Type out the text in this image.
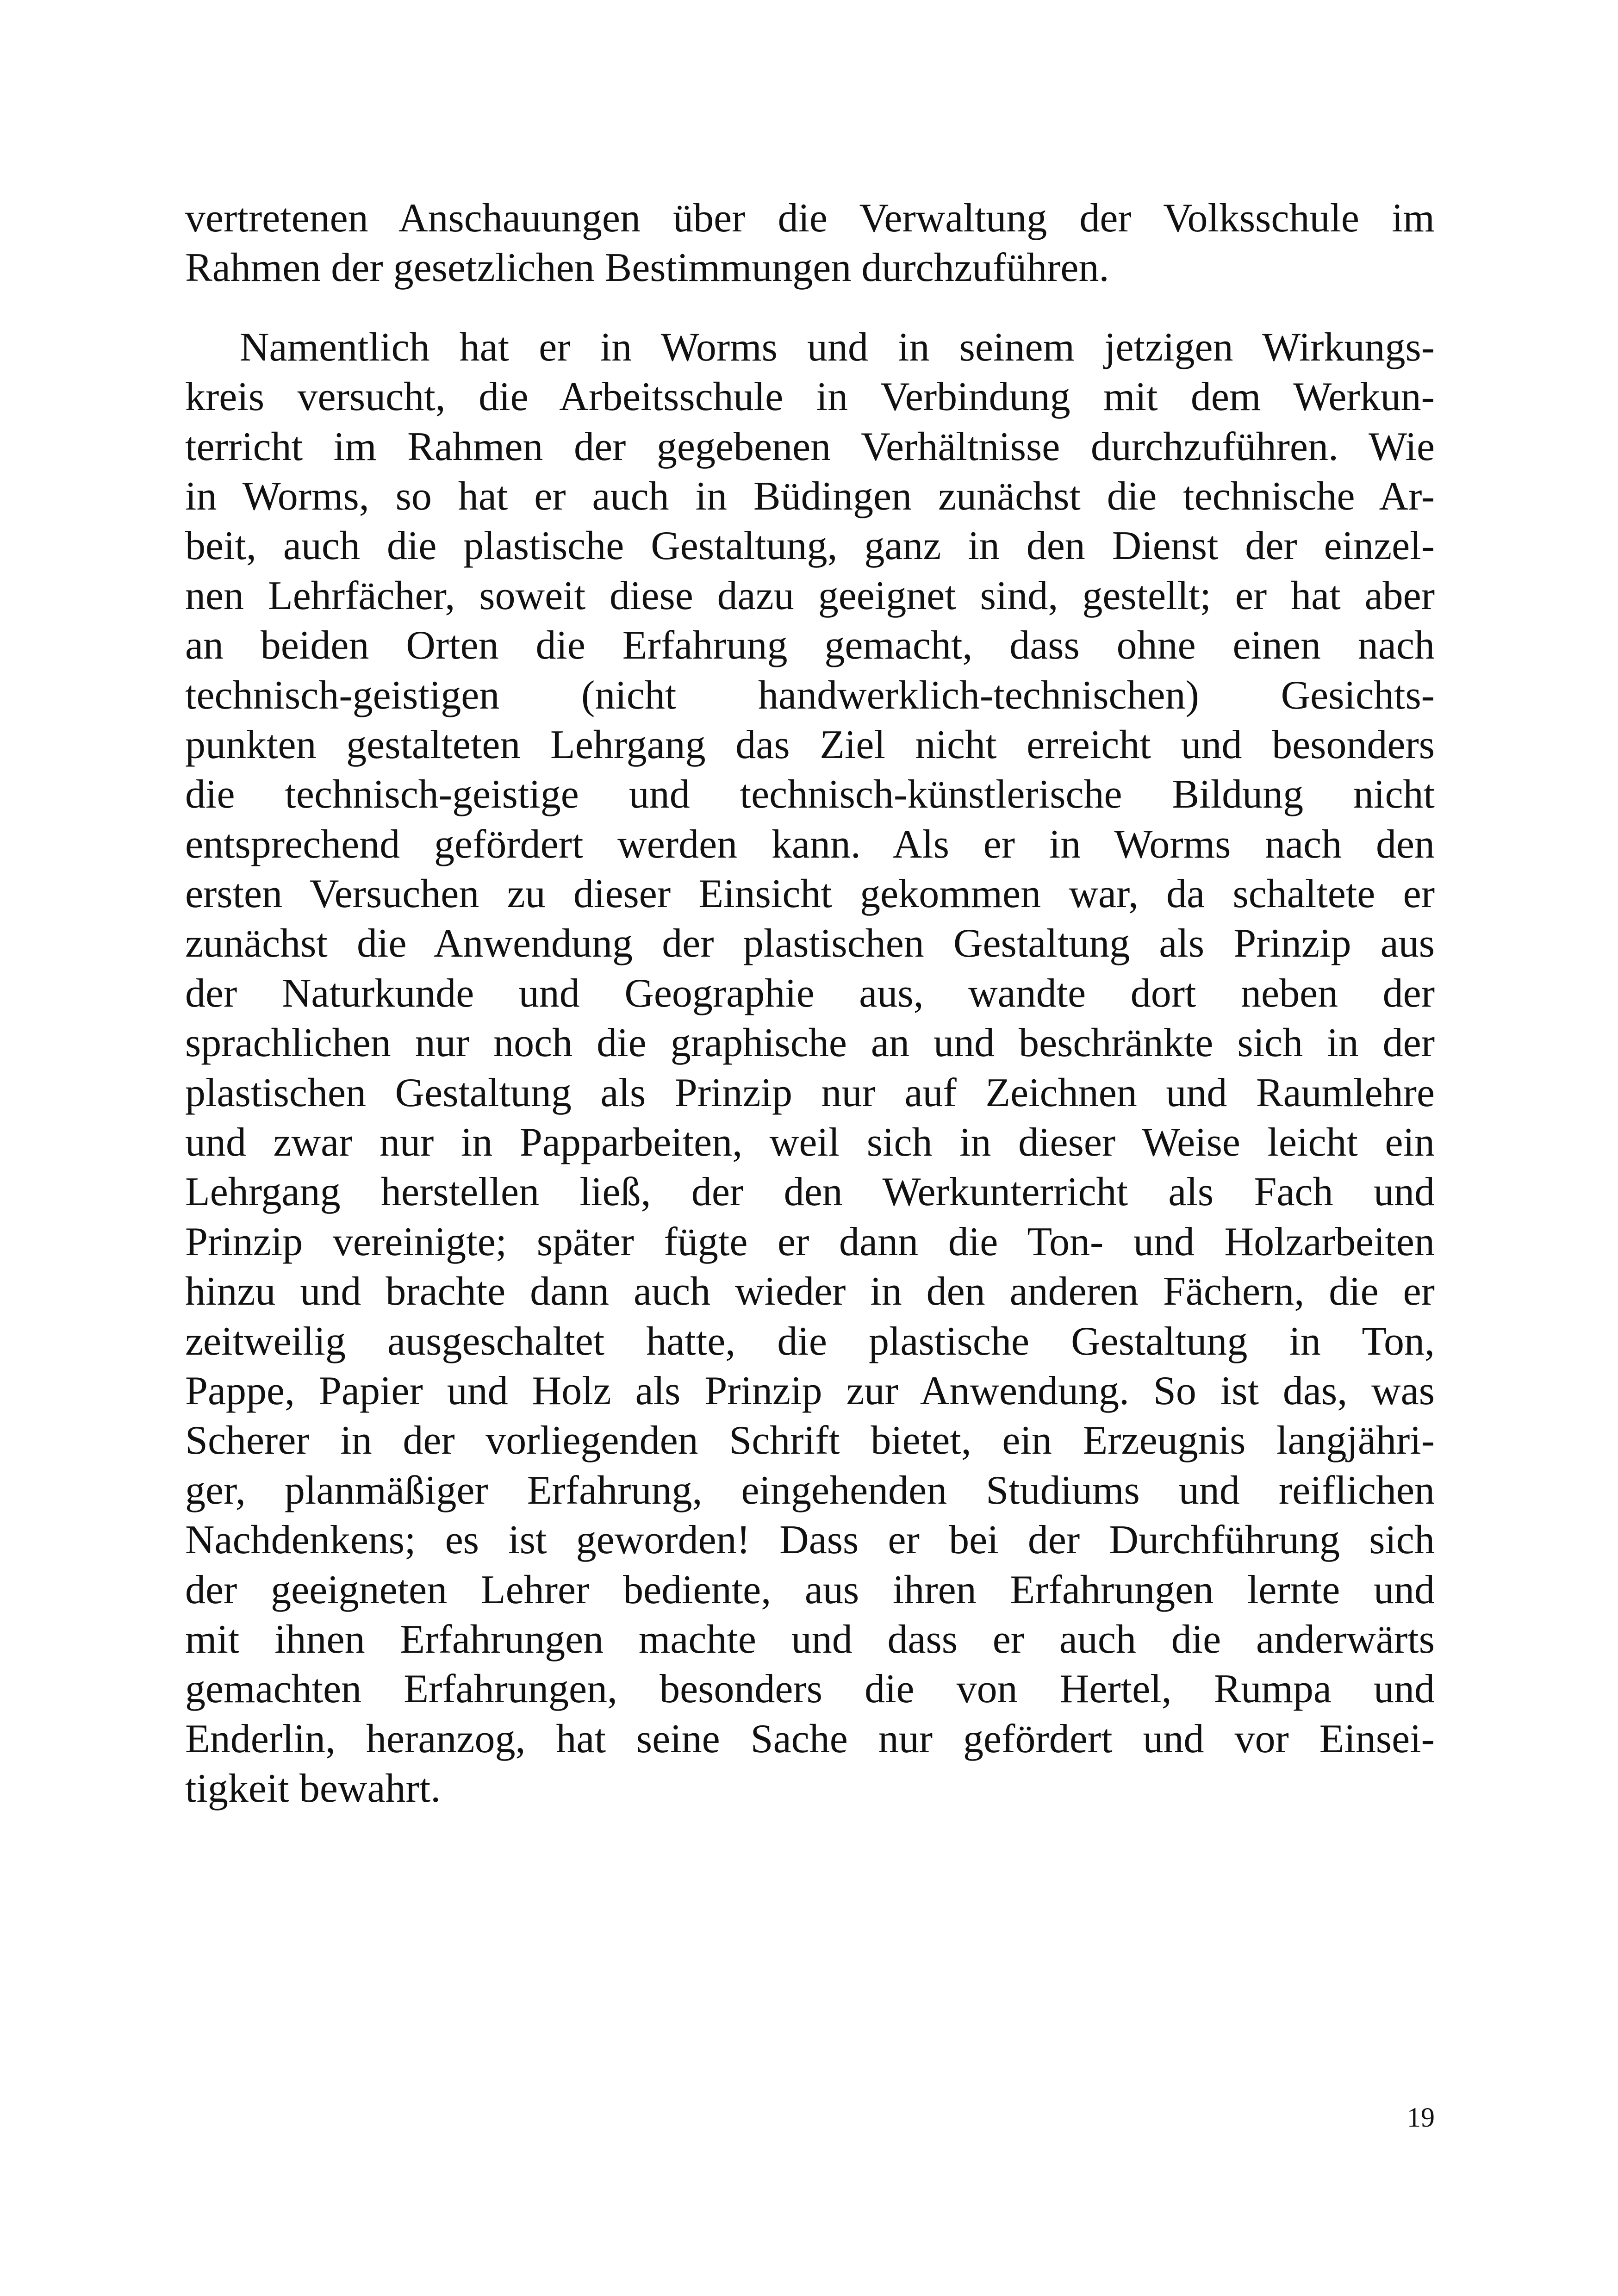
vertretenen Anschauungen über die Verwaltung der Volksschule im
Rahmen der gesetzlichen Bestimmungen durchzuführen.
Namentlich hat er in Worms und in seinem jetzigen Wirkungs-
kreis versucht, die Arbeitsschule in Verbindung mit dem Werkun-
terricht im Rahmen der gegebenen Verhältnisse durchzuführen. Wie
in Worms, so hat er auch in Büdingen zunächst die technische Ar-
beit, auch die plastische Gestaltung, ganz in den Dienst der einzel-
nen Lehrfächer, soweit diese dazu geeignet sind, gestellt; er hat aber
an beiden Orten die Erfahrung gemacht, dass ohne einen nach
technisch-geistigen (nicht handwerklich-technischen) Gesichts-
punkten gestalteten Lehrgang das Ziel nicht erreicht und besonders
die technisch-geistige und technisch-künstlerische Bildung nicht
entsprechend gefördert werden kann. Als er in Worms nach den
ersten Versuchen zu dieser Einsicht gekommen war, da schaltete er
zunächst die Anwendung der plastischen Gestaltung als Prinzip aus
der Naturkunde und Geographie aus, wandte dort neben der
sprachlichen nur noch die graphische an und beschränkte sich in der
plastischen Gestaltung als Prinzip nur auf Zeichnen und Raumlehre
und zwar nur in Papparbeiten, weil sich in dieser Weise leicht ein
Lehrgang herstellen ließ, der den Werkunterricht als Fach und
Prinzip vereinigte; später fügte er dann die Ton- und Holzarbeiten
hinzu und brachte dann auch wieder in den anderen Fächern, die er
zeitweilig ausgeschaltet hatte, die plastische Gestaltung in Ton,
Pappe, Papier und Holz als Prinzip zur Anwendung. So ist das, was
Scherer in der vorliegenden Schrift bietet, ein Erzeugnis langjähri-
ger, planmäßiger Erfahrung, eingehenden Studiums und reiflichen
Nachdenkens; es ist geworden! Dass er bei der Durchführung sich
der geeigneten Lehrer bediente, aus ihren Erfahrungen lernte und
mit ihnen Erfahrungen machte und dass er auch die anderwärts
gemachten Erfahrungen, besonders die von Hertel, Rumpa und
Enderlin, heranzog, hat seine Sache nur gefördert und vor Einsei-
tigkeit bewahrt.
19
